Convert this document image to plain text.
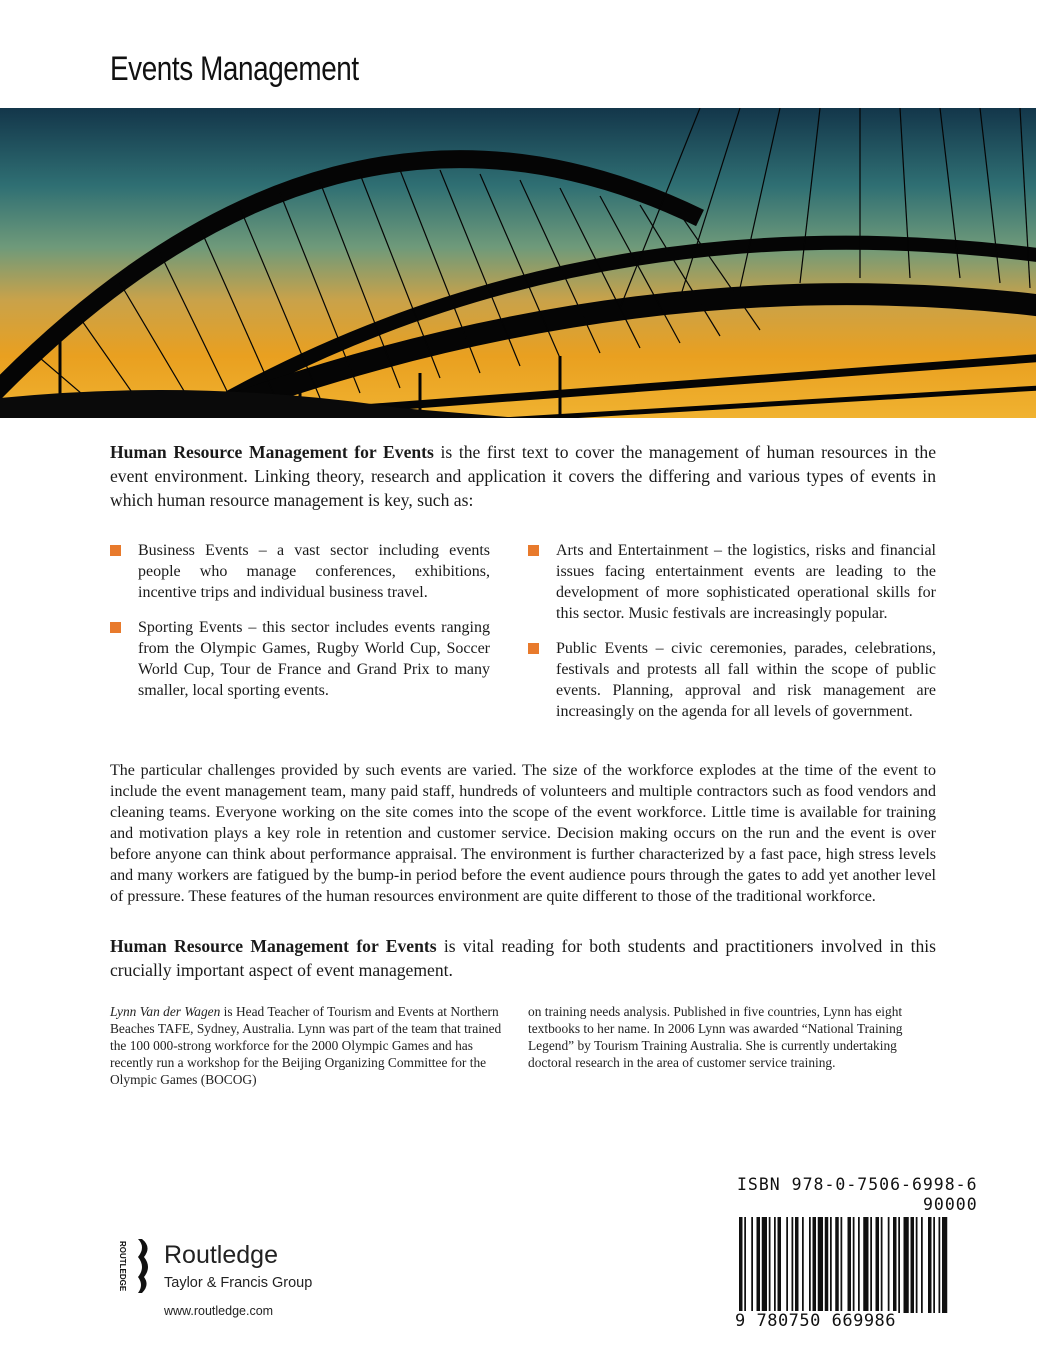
Events Management

Human Resource Management for Events is the first text to cover the management of human resources in the event environment. Linking theory, research and application it covers the differing and various types of events in which human resource management is key, such as:

Business Events – a vast sector including events people who manage conferences, exhibitions, incentive trips and individual business travel.
Sporting Events – this sector includes events ranging from the Olympic Games, Rugby World Cup, Soccer World Cup, Tour de France and Grand Prix to many smaller, local sporting events.
Arts and Entertainment – the logistics, risks and financial issues facing entertainment events are leading to the development of more sophisticated operational skills for this sector. Music festivals are increasingly popular.
Public Events – civic ceremonies, parades, celebrations, festivals and protests all fall within the scope of public events. Planning, approval and risk management are increasingly on the agenda for all levels of government.

The particular challenges provided by such events are varied. The size of the workforce explodes at the time of the event to include the event management team, many paid staff, hundreds of volunteers and multiple contractors such as food vendors and cleaning teams. Everyone working on the site comes into the scope of the event workforce. Little time is available for training and motivation plays a key role in retention and customer service. Decision making occurs on the run and the event is over before anyone can think about performance appraisal. The environment is further characterized by a fast pace, high stress levels and many workers are fatigued by the bump-in period before the event audience pours through the gates to add yet another level of pressure. These features of the human resources environment are quite different to those of the traditional workforce.

Human Resource Management for Events is vital reading for both students and practitioners involved in this crucially important aspect of event management.

Lynn Van der Wagen is Head Teacher of Tourism and Events at Northern Beaches TAFE, Sydney, Australia. Lynn was part of the team that trained the 100 000-strong workforce for the 2000 Olympic Games and has recently run a workshop for the Beijing Organizing Committee for the Olympic Games (BOCOG)

on training needs analysis. Published in five countries, Lynn has eight textbooks to her name. In 2006 Lynn was awarded “National Training Legend” by Tourism Training Australia. She is currently undertaking doctoral research in the area of customer service training.

ROUTLEDGE Routledge
Taylor & Francis Group
www.routledge.com
ISBN 978-0-7506-6998-6
90000
9 780750 669986
